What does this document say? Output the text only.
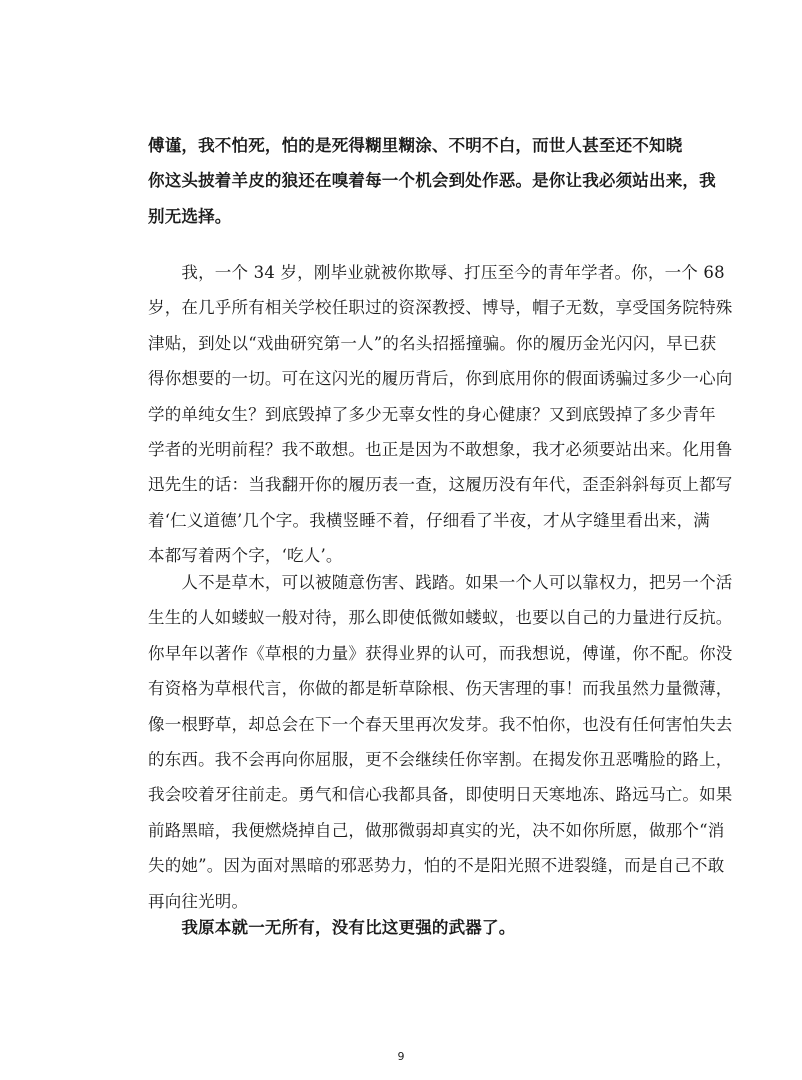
傅谨，我不怕死，怕的是死得糊里糊涂、不明不白，而世人甚至还不知晓
你这头披着羊皮的狼还在嗅着每一个机会到处作恶。是你让我必须站出来，我
别无选择。
　　我，一个 34 岁，刚毕业就被你欺辱、打压至今的青年学者。你，一个 68
岁，在几乎所有相关学校任职过的资深教授、博导，帽子无数，享受国务院特殊
津贴，到处以“戏曲研究第一人”的名头招摇撞骗。你的履历金光闪闪，早已获
得你想要的一切。可在这闪光的履历背后，你到底用你的假面诱骗过多少一心向
学的单纯女生？到底毁掉了多少无辜女性的身心健康？又到底毁掉了多少青年
学者的光明前程？我不敢想。也正是因为不敢想象，我才必须要站出来。化用鲁
迅先生的话：当我翻开你的履历表一查，这履历没有年代，歪歪斜斜每页上都写
着‘仁义道德’几个字。我横竖睡不着，仔细看了半夜，才从字缝里看出来，满
本都写着两个字，‘吃人’。
　　人不是草木，可以被随意伤害、践踏。如果一个人可以靠权力，把另一个活
生生的人如蝼蚁一般对待，那么即使低微如蝼蚁，也要以自己的力量进行反抗。
你早年以著作《草根的力量》获得业界的认可，而我想说，傅谨，你不配。你没
有资格为草根代言，你做的都是斩草除根、伤天害理的事！而我虽然力量微薄，
像一根野草，却总会在下一个春天里再次发芽。我不怕你，也没有任何害怕失去
的东西。我不会再向你屈服，更不会继续任你宰割。在揭发你丑恶嘴脸的路上，
我会咬着牙往前走。勇气和信心我都具备，即使明日天寒地冻、路远马亡。如果
前路黑暗，我便燃烧掉自己，做那微弱却真实的光，决不如你所愿，做那个“消
失的她”。因为面对黑暗的邪恶势力，怕的不是阳光照不进裂缝，而是自己不敢
再向往光明。
　　我原本就一无所有，没有比这更强的武器了。
9
